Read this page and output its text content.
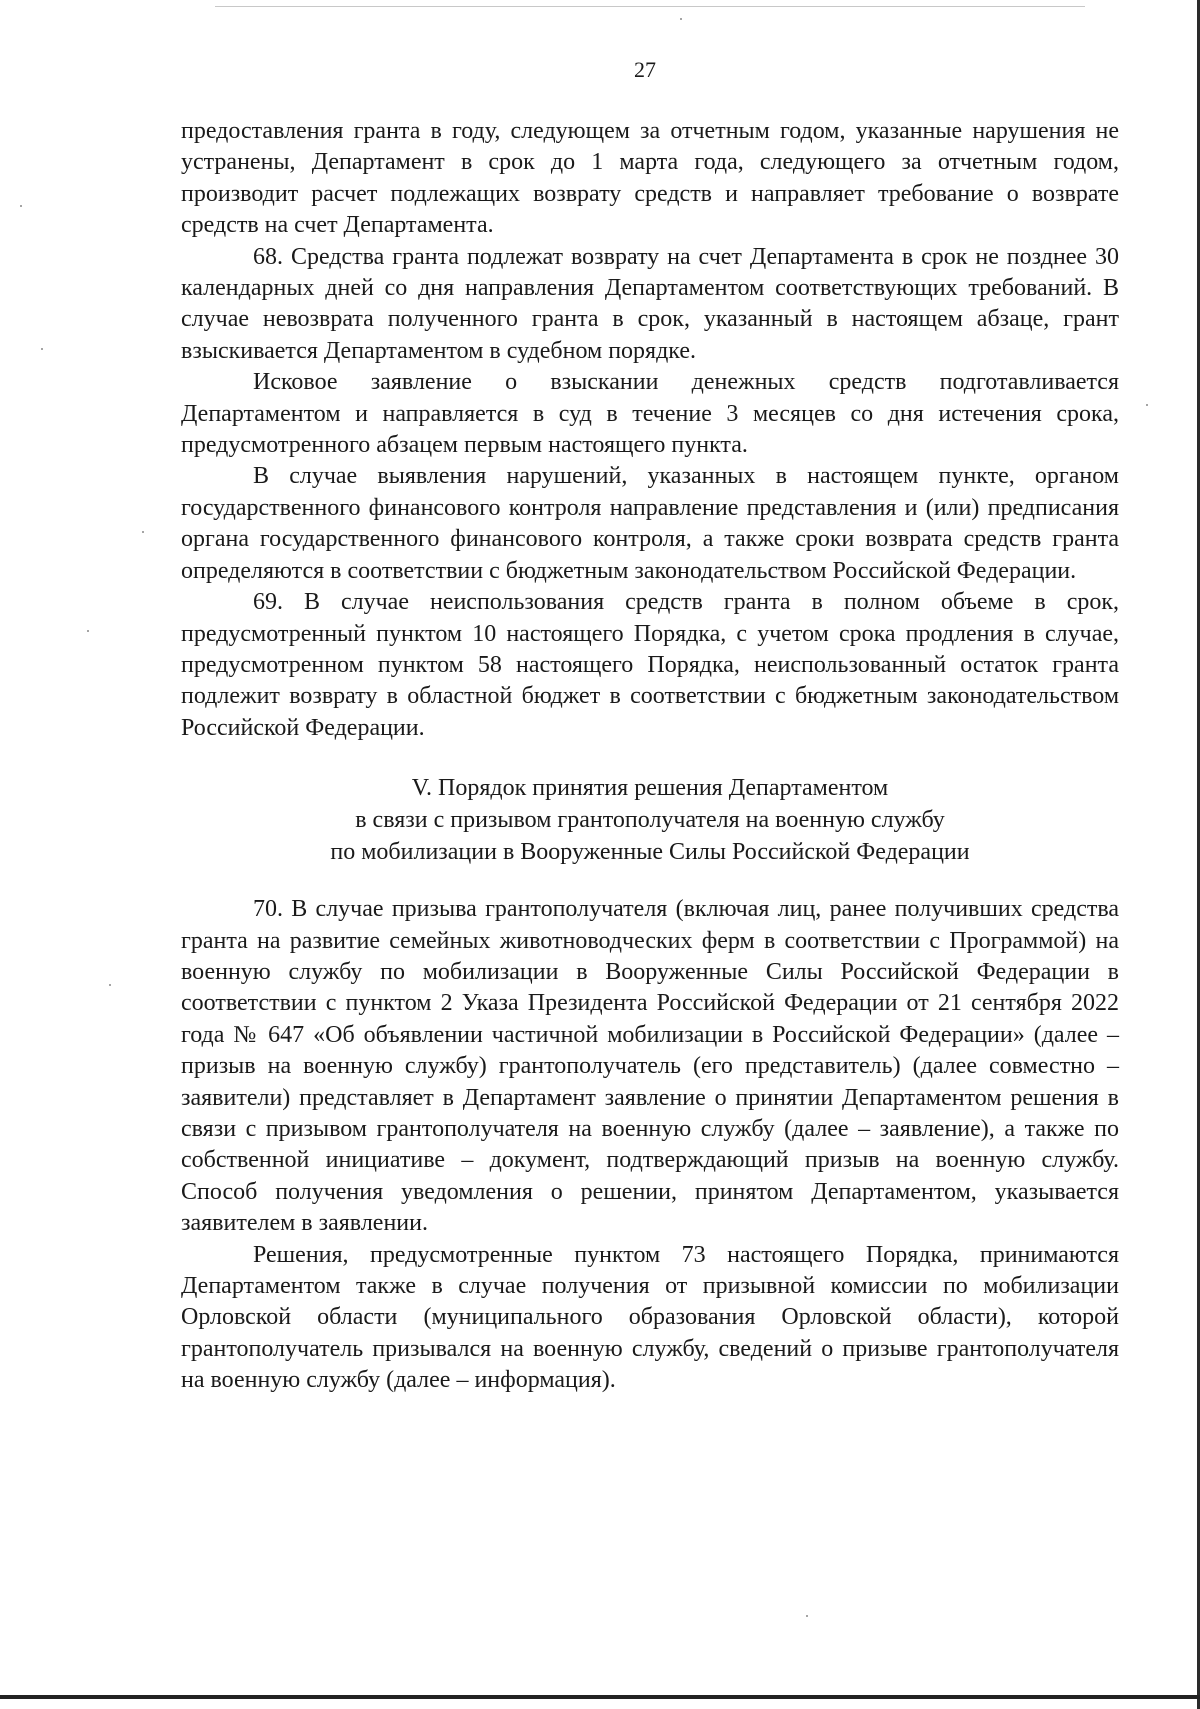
27

предоставления гранта в году, следующем за отчетным годом, указанные нарушения не устранены, Департамент в срок до 1 марта года, следующего за отчетным годом, производит расчет подлежащих возврату средств и направляет требование о возврате средств на счет Департамента.

68. Средства гранта подлежат возврату на счет Департамента в срок не позднее 30 календарных дней со дня направления Департаментом соответствующих требований. В случае невозврата полученного гранта в срок, указанный в настоящем абзаце, грант взыскивается Департаментом в судебном порядке.

Исковое заявление о взыскании денежных средств подготавливается Департаментом и направляется в суд в течение 3 месяцев со дня истечения срока, предусмотренного абзацем первым настоящего пункта.

В случае выявления нарушений, указанных в настоящем пункте, органом государственного финансового контроля направление представления и (или) предписания органа государственного финансового контроля, а также сроки возврата средств гранта определяются в соответствии с бюджетным законодательством Российской Федерации.

69. В случае неиспользования средств гранта в полном объеме в срок, предусмотренный пунктом 10 настоящего Порядка, с учетом срока продления в случае, предусмотренном пунктом 58 настоящего Порядка, неиспользованный остаток гранта подлежит возврату в областной бюджет в соответствии с бюджетным законодательством Российской Федерации.

V. Порядок принятия решения Департаментом
в связи с призывом грантополучателя на военную службу
по мобилизации в Вооруженные Силы Российской Федерации

70. В случае призыва грантополучателя (включая лиц, ранее получивших средства гранта на развитие семейных животноводческих ферм в соответствии с Программой) на военную службу по мобилизации в Вооруженные Силы Российской Федерации в соответствии с пунктом 2 Указа Президента Российской Федерации от 21 сентября 2022 года № 647 «Об объявлении частичной мобилизации в Российской Федерации» (далее – призыв на военную службу) грантополучатель (его представитель) (далее совместно – заявители) представляет в Департамент заявление о принятии Департаментом решения в связи с призывом грантополучателя на военную службу (далее – заявление), а также по собственной инициативе – документ, подтверждающий призыв на военную службу. Способ получения уведомления о решении, принятом Департаментом, указывается заявителем в заявлении.

Решения, предусмотренные пунктом 73 настоящего Порядка, принимаются Департаментом также в случае получения от призывной комиссии по мобилизации Орловской области (муниципального образования Орловской области), которой грантополучатель призывался на военную службу, сведений о призыве грантополучателя на военную службу (далее – информация).
